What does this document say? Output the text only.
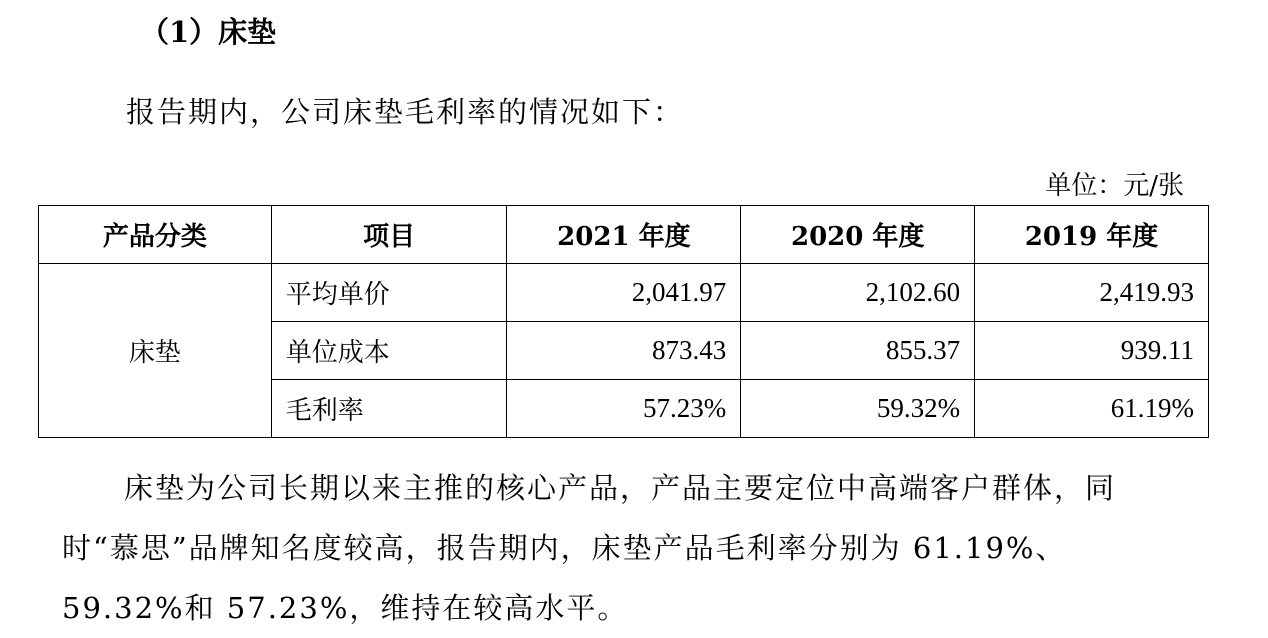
（1）床垫
报告期内，公司床垫毛利率的情况如下：
单位：元/张
产品分类	项目	2021 年度	2020 年度	2019 年度
床垫	平均单价	2,041.97	2,102.60	2,419.93
	单位成本	873.43	855.37	939.11
	毛利率	57.23%	59.32%	61.19%
床垫为公司长期以来主推的核心产品，产品主要定位中高端客户群体，同
时“慕思”品牌知名度较高，报告期内，床垫产品毛利率分别为 61.19%、
59.32%和 57.23%，维持在较高水平。
